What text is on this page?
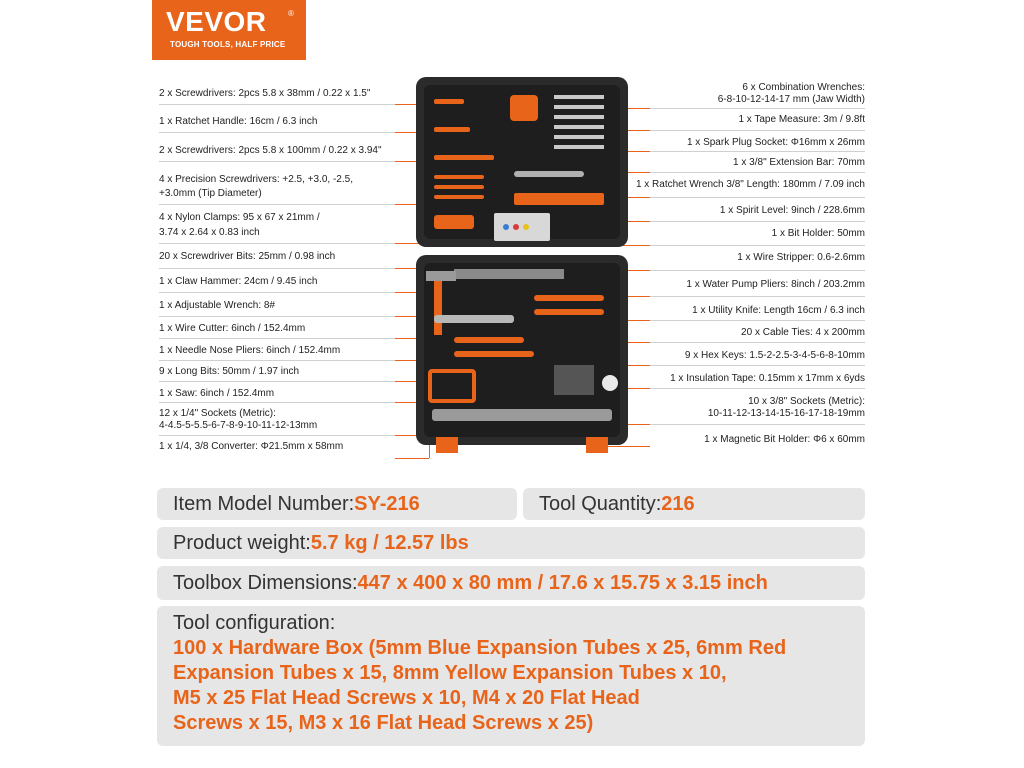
VEVOR	®
TOUGH TOOLS, HALF PRICE
2 x Screwdrivers: 2pcs 5.8 x 38mm / 0.22 x 1.5"
1 x Ratchet Handle: 16cm / 6.3 inch
2 x Screwdrivers: 2pcs 5.8 x 100mm / 0.22 x 3.94"
4 x Precision Screwdrivers: +2.5, +3.0, -2.5,
+3.0mm (Tip Diameter)
4 x Nylon Clamps: 95 x 67 x 21mm /
3.74 x 2.64 x 0.83 inch
20 x Screwdriver Bits: 25mm / 0.98 inch
1 x Claw Hammer: 24cm / 9.45 inch
1 x Adjustable Wrench: 8#
1 x Wire Cutter: 6inch / 152.4mm
1 x Needle Nose Pliers: 6inch / 152.4mm
9 x Long Bits: 50mm / 1.97 inch
1 x Saw: 6inch / 152.4mm
12 x 1/4" Sockets (Metric):
4-4.5-5-5.5-6-7-8-9-10-11-12-13mm
1 x 1/4, 3/8 Converter: Φ21.5mm x 58mm
6 x Combination Wrenches:
6-8-10-12-14-17 mm (Jaw Width)
1 x Tape Measure: 3m / 9.8ft
1 x Spark Plug Socket: Φ16mm x 26mm
1 x 3/8" Extension Bar: 70mm
1 x Ratchet Wrench 3/8" Length: 180mm / 7.09 inch
1 x Spirit Level: 9inch / 228.6mm
1 x Bit Holder: 50mm
1 x Wire Stripper: 0.6-2.6mm
1 x Water Pump Pliers: 8inch / 203.2mm
1 x Utility Knife: Length 16cm / 6.3 inch
20 x Cable Ties: 4 x 200mm
9 x Hex Keys: 1.5-2-2.5-3-4-5-6-8-10mm
1 x Insulation Tape: 0.15mm x 17mm x 6yds
10 x 3/8" Sockets (Metric):
10-11-12-13-14-15-16-17-18-19mm
1 x Magnetic Bit Holder: Φ6 x 60mm
Item Model Number:SY-216	Tool Quantity:216
Product weight:5.7 kg / 12.57 lbs
Toolbox Dimensions:447 x 400 x 80 mm / 17.6 x 15.75 x 3.15 inch
Tool configuration:
100 x Hardware Box (5mm Blue Expansion Tubes x 25, 6mm Red
Expansion Tubes x 15, 8mm Yellow Expansion Tubes x 10,
M5 x 25 Flat Head Screws x 10, M4 x 20 Flat Head
Screws x 15, M3 x 16 Flat Head Screws x 25)
